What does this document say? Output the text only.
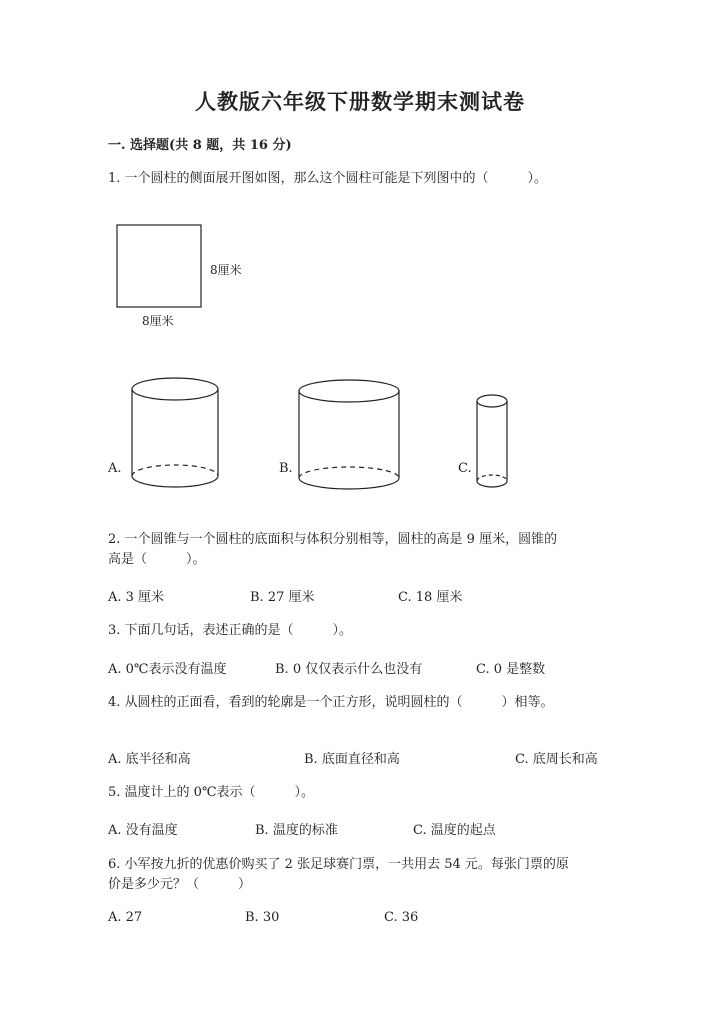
人教版六年级下册数学期末测试卷
一. 选择题(共 8 题，共 16 分)
1. 一个圆柱的侧面展开图如图，那么这个圆柱可能是下列图中的（　　　）。
8厘米
8厘米
A.	B.	C.
2. 一个圆锥与一个圆柱的底面积与体积分别相等，圆柱的高是 9 厘米，圆锥的
高是（　　　）。
A. 3 厘米	B. 27 厘米	C. 18 厘米
3. 下面几句话，表述正确的是（　　　）。
A. 0℃表示没有温度	B. 0 仅仅表示什么也没有	C. 0 是整数
4. 从圆柱的正面看，看到的轮廓是一个正方形，说明圆柱的（　　　）相等。
A. 底半径和高	B. 底面直径和高	C. 底周长和高
5. 温度计上的 0℃表示（　　　）。
A. 没有温度	B. 温度的标准	C. 温度的起点
6. 小军按九折的优惠价购买了 2 张足球赛门票，一共用去 54 元。每张门票的原
价是多少元？（　　　）
A. 27	B. 30	C. 36
